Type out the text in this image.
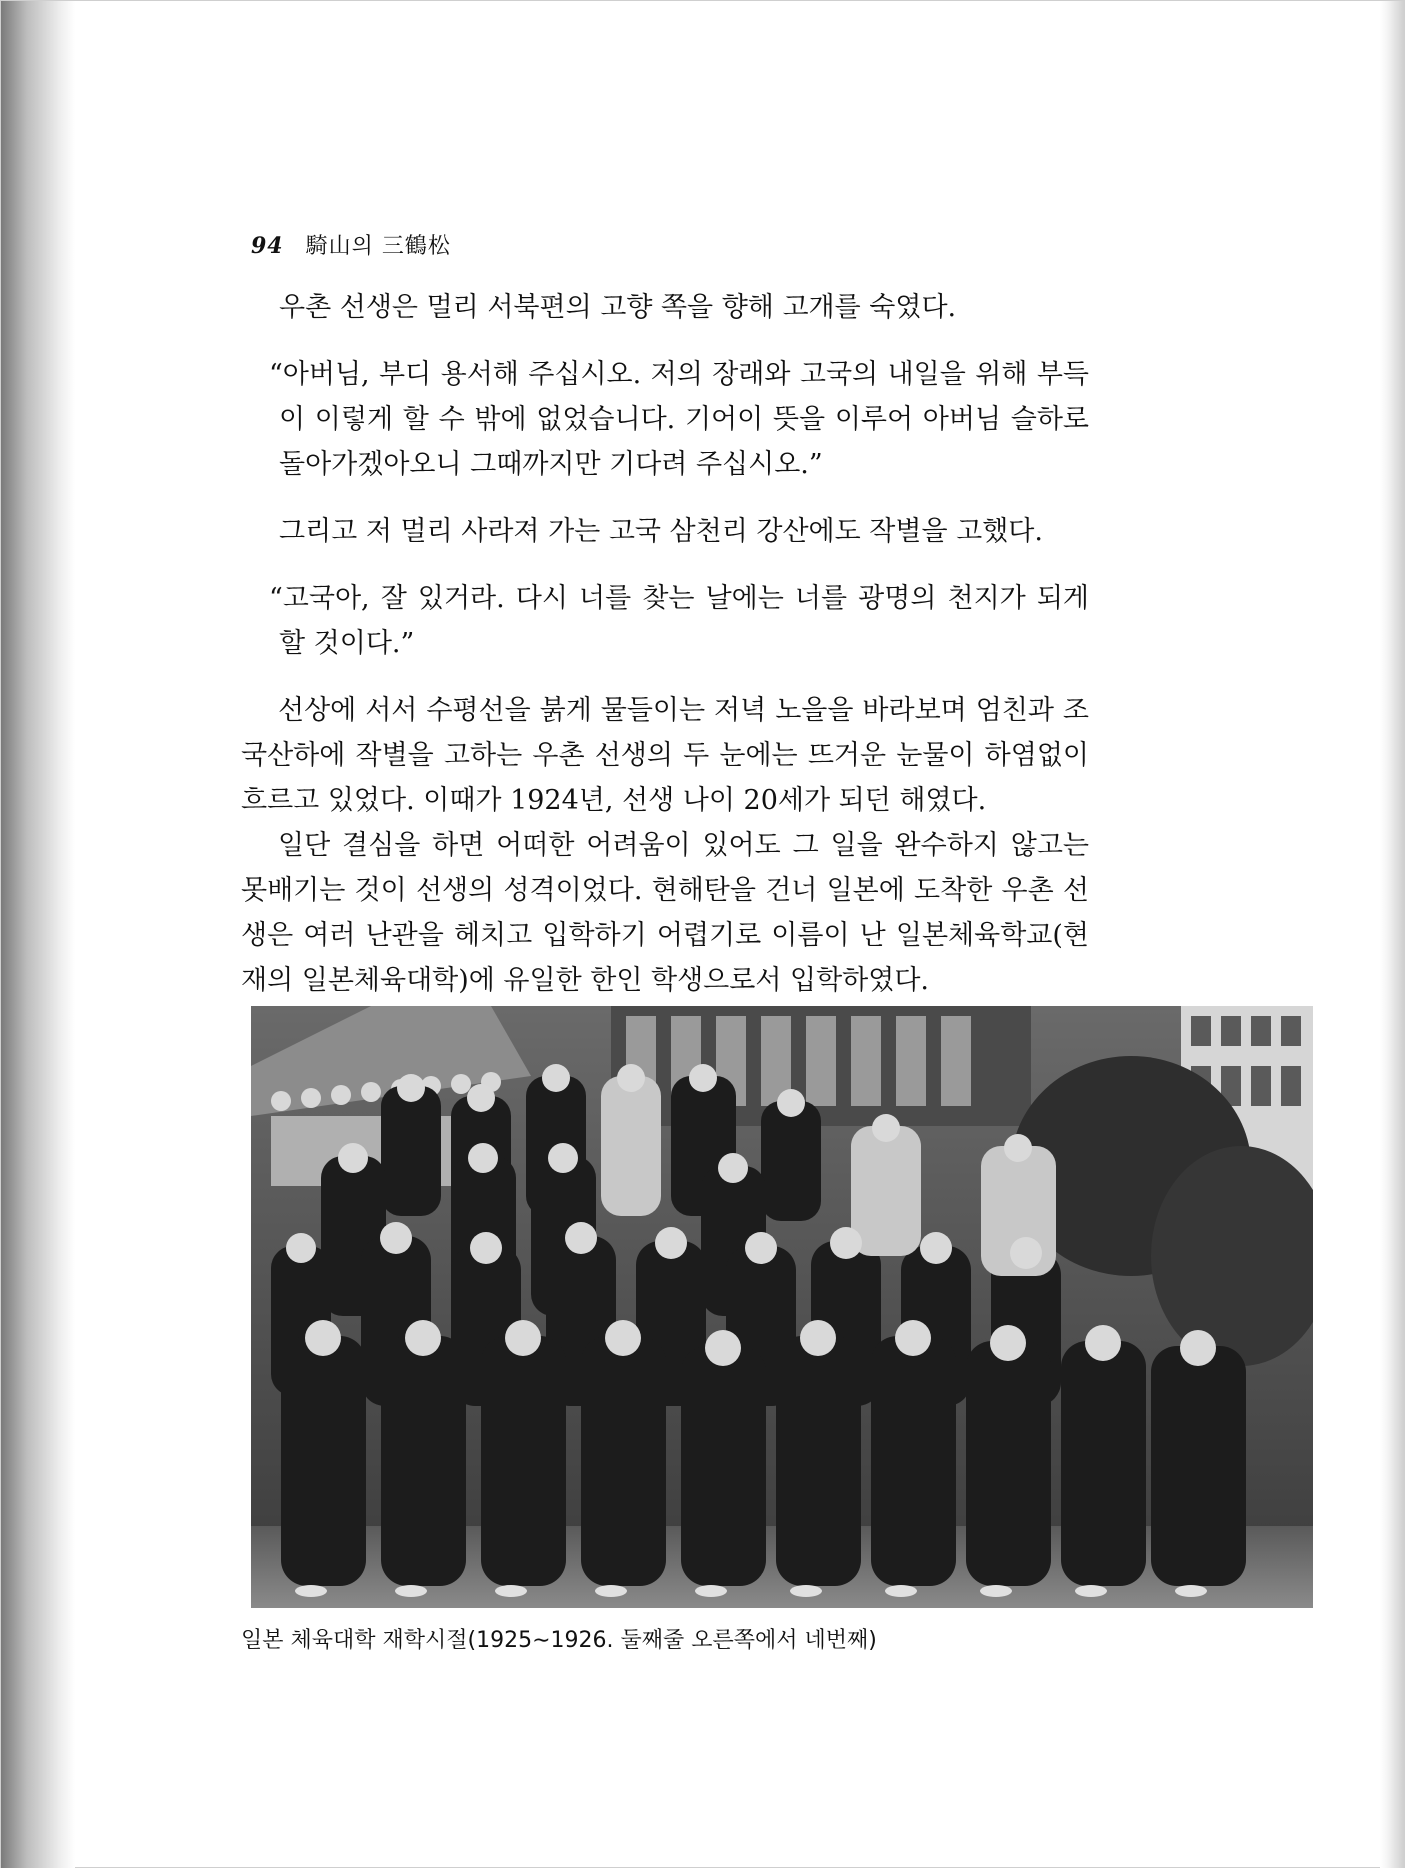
94 騎山의 三鶴松

우촌 선생은 멀리 서북편의 고향 쪽을 향해 고개를 숙였다.

“아버님, 부디 용서해 주십시오. 저의 장래와 고국의 내일을 위해 부득이 이렇게 할 수 밖에 없었습니다. 기어이 뜻을 이루어 아버님 슬하로 돌아가겠아오니 그때까지만 기다려 주십시오.”

그리고 저 멀리 사라져 가는 고국 삼천리 강산에도 작별을 고했다.

“고국아, 잘 있거라. 다시 너를 찾는 날에는 너를 광명의 천지가 되게 할 것이다.”

선상에 서서 수평선을 붉게 물들이는 저녁 노을을 바라보며 엄친과 조국산하에 작별을 고하는 우촌 선생의 두 눈에는 뜨거운 눈물이 하염없이 흐르고 있었다. 이때가 1924년, 선생 나이 20세가 되던 해였다.

일단 결심을 하면 어떠한 어려움이 있어도 그 일을 완수하지 않고는 못배기는 것이 선생의 성격이었다. 현해탄을 건너 일본에 도착한 우촌 선생은 여러 난관을 헤치고 입학하기 어렵기로 이름이 난 일본체육학교(현재의 일본체육대학)에 유일한 한인 학생으로서 입학하였다.

일본 체육대학 재학시절(1925∼1926. 둘째줄 오른쪽에서 네번째)
